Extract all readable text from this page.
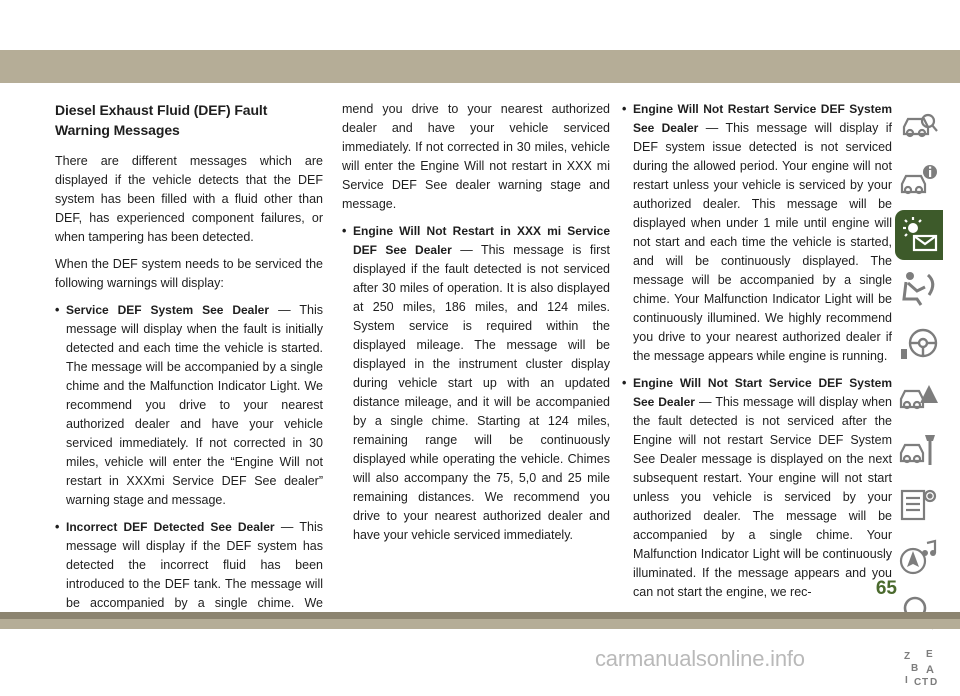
Diesel Exhaust Fluid (DEF) Fault Warning Messages

There are different messages which are displayed if the vehicle detects that the DEF system has been filled with a fluid other than DEF, has experienced component failures, or when tampering has been detected.

When the DEF system needs to be serviced the following warnings will display:

• Service DEF System See Dealer — This message will display when the fault is initially detected and each time the vehicle is started. The message will be accompanied by a single chime and the Malfunction Indicator Light. We recommend you drive to your nearest authorized dealer and have your vehicle serviced immediately. If not corrected in 30 miles, vehicle will enter the “Engine Will not restart in XXXmi Service DEF See dealer” warning stage and message.
• Incorrect DEF Detected See Dealer — This message will display if the DEF system has detected the incorrect fluid has been introduced to the DEF tank. The message will be accompanied by a single chime. We

mend you drive to your nearest authorized dealer and have your vehicle serviced immediately. If not corrected in 30 miles, vehicle will enter the Engine Will not restart in XXX mi Service DEF See dealer warning stage and message.

• Engine Will Not Restart in XXX mi Service DEF See Dealer — This message is first displayed if the fault detected is not serviced after 30 miles of operation. It is also displayed at 250 miles, 186 miles, and 124 miles. System service is required within the displayed mileage. The message will be displayed in the instrument cluster display during vehicle start up with an updated distance mileage, and it will be accompanied by a single chime. Starting at 124 miles, remaining range will be continuously displayed while operating the vehicle. Chimes will also accompany the 75, 5,0 and 25 mile remaining distances. We recommend you drive to your nearest authorized dealer and have your vehicle serviced immediately.
• Engine Will Not Restart Service DEF System See Dealer — This message will display if DEF system issue detected is not serviced during the allowed period. Your engine will not restart unless your vehicle is serviced by your authorized dealer. This message will be displayed when under 1 mile until engine will not start and each time the vehicle is started, and will be continuously displayed. The message will be accompanied by a single chime. Your Malfunction Indicator Light will be continuously illumined. We highly recommend you drive to your nearest authorized dealer if the message appears while engine is running.
• Engine Will Not Start Service DEF System See Dealer — This message will display when the fault detected is not serviced after the Engine will not restart Service DEF System See Dealer message is displayed on the next subsequent restart. Your engine will not start unless you vehicle is serviced by your authorized dealer. The message will be accompanied by a single chime. Your Malfunction Indicator Light will be continuously illuminated. If the message appears and you can not start the engine, we rec-
Z E
B A
I C T D
65
carmanualsonline.info
